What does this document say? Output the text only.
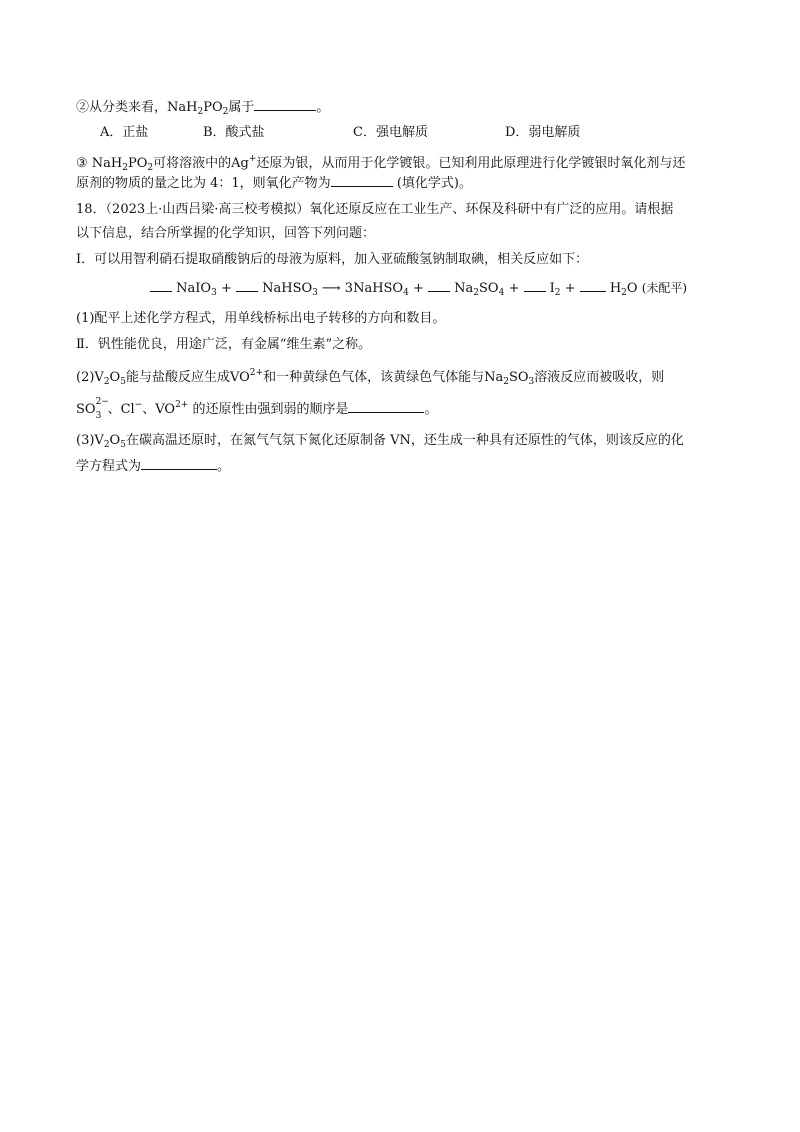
②从分类来看，$NaH_2PO_2$属于	。
A．正盐	B．酸式盐	C．强电解质	D．弱电解质
③ $NaH_2PO_2$可将溶液中的Ag+还原为银，从而用于化学镀银。已知利用此原理进行化学镀银时氧化剂与还
原剂的物质的量之比为 4：1，则氧化产物为	(填化学式)。
18．（2023上·山西吕梁·高三校考模拟）氧化还原反应在工业生产、环保及科研中有广泛的应用。请根据
以下信息，结合所掌握的化学知识，回答下列问题：
Ⅰ．可以用智利硝石提取硝酸钠后的母液为原料，加入亚硫酸氢钠制取碘，相关反应如下：
NaIO$_3$ +  NaHSO$_3$ ⟶ 3NaHSO$_4$ +  $Na_2SO_4 + I_2 + H_2O$ (未配平)
(1)配平上述化学方程式，用单线桥标出电子转移的方向和数目。
Ⅱ．钒性能优良，用途广泛，有金属“维生素”之称。
$(2)V_2O_5$能与盐酸反应生成$VO^{2+}$和一种黄绿色气体，该黄绿色气体能与$Na_2SO_3$溶液反应而被吸收，则
SO 2−
3 、Cl−、$VO^{2+}$ 的还原性由强到弱的顺序是	。
$(3)V_2O_5$在碳高温还原时，在氮气气氛下氮化还原制备 VN，还生成一种具有还原性的气体，则该反应的化
学方程式为	。
